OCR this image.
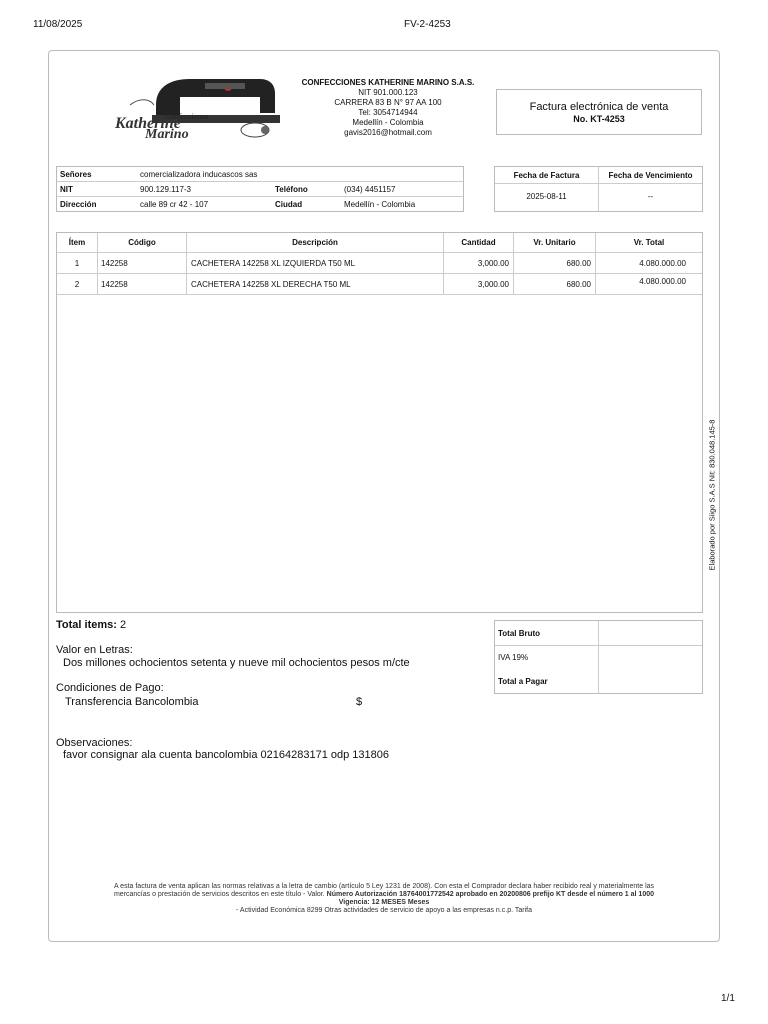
11/08/2025	FV-2-4253
1/1
Confecciones
Katherine
Marino
CONFECCIONES KATHERINE MARINO S.A.S.
NIT 901.000.123
CARRERA 83 B N° 97 AA 100
Tel: 3054714944
Medellín - Colombia
gavis2016@hotmail.com
Factura electrónica de venta
No. KT-4253
Señores	comercializadora inducascos sas
NIT	900.129.117-3	Teléfono	(034) 4451157
Dirección	calle 89 cr 42 - 107	Ciudad	Medellín - Colombia
Fecha de Factura	Fecha de Vencimiento
2025-08-11	--
Ítem	Código	Descripción	Cantidad	Vr. Unitario	Vr. Total
1	142258	CACHETERA 142258 XL IZQUIERDA T50 ML	3,000.00	680.00	4.080.000.00
2	142258	CACHETERA 142258 XL DERECHA T50 ML	3,000.00	680.00	4.080.000.00
Total items: 2
Valor en Letras:
Dos millones ochocientos setenta y nueve mil ochocientos pesos m/cte
Condiciones de Pago:
Transferencia Bancolombia	$
Observaciones:
favor consignar ala cuenta bancolombia 02164283171 odp 131806
Total Bruto
IVA 19%
Total a Pagar
A esta factura de venta aplican las normas relativas a la letra de cambio (artículo 5 Ley 1231 de 2008). Con esta el Comprador declara haber recibido real y materialmente las
mercancías o prestación de servicios descritos en este título - Valor. Número Autorización 18764001772542 aprobado en 20200806 prefijo KT desde el número 1 al 1000
Vigencia: 12 MESES Meses
- Actividad Económica 8299 Otras actividades de servicio de apoyo a las empresas n.c.p. Tarifa
Elaborado por Siigo S.A.S Nit: 830.048.145-8
